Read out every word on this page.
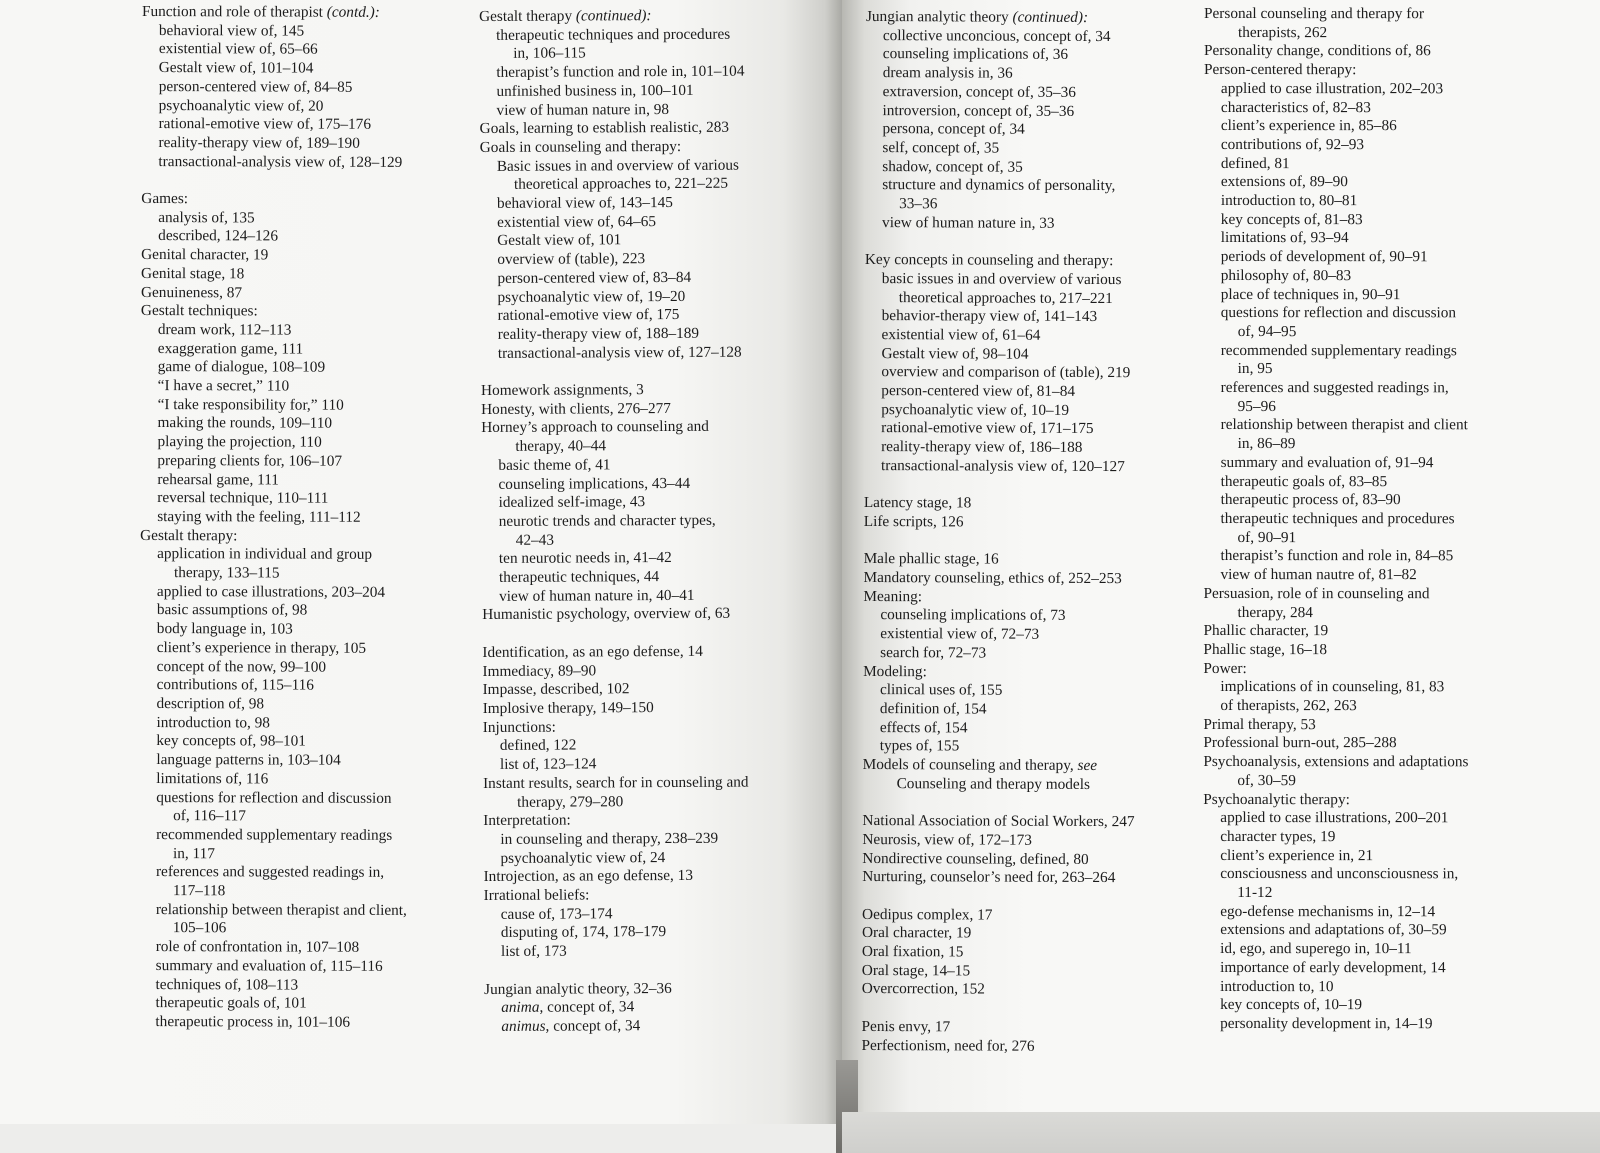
Function and role of therapist (contd.):
behavioral view of, 145
existential view of, 65–66
Gestalt view of, 101–104
person-centered view of, 84–85
psychoanalytic view of, 20
rational-emotive view of, 175–176
reality-therapy view of, 189–190
transactional-analysis view of, 128–129
Games:
analysis of, 135
described, 124–126
Genital character, 19
Genital stage, 18
Genuineness, 87
Gestalt techniques:
dream work, 112–113
exaggeration game, 111
game of dialogue, 108–109
“I have a secret,” 110
“I take responsibility for,” 110
making the rounds, 109–110
playing the projection, 110
preparing clients for, 106–107
rehearsal game, 111
reversal technique, 110–111
staying with the feeling, 111–112
Gestalt therapy:
application in individual and group
therapy, 133–115
applied to case illustrations, 203–204
basic assumptions of, 98
body language in, 103
client’s experience in therapy, 105
concept of the now, 99–100
contributions of, 115–116
description of, 98
introduction to, 98
key concepts of, 98–101
language patterns in, 103–104
limitations of, 116
questions for reflection and discussion
of, 116–117
recommended supplementary readings
in, 117
references and suggested readings in,
117–118
relationship between therapist and client,
105–106
role of confrontation in, 107–108
summary and evaluation of, 115–116
techniques of, 108–113
therapeutic goals of, 101
therapeutic process in, 101–106
Gestalt therapy (continued):
therapeutic techniques and procedures
in, 106–115
therapist’s function and role in, 101–104
unfinished business in, 100–101
view of human nature in, 98
Goals, learning to establish realistic, 283
Goals in counseling and therapy:
Basic issues in and overview of various
theoretical approaches to, 221–225
behavioral view of, 143–145
existential view of, 64–65
Gestalt view of, 101
overview of (table), 223
person-centered view of, 83–84
psychoanalytic view of, 19–20
rational-emotive view of, 175
reality-therapy view of, 188–189
transactional-analysis view of, 127–128
Homework assignments, 3
Honesty, with clients, 276–277
Horney’s approach to counseling and
therapy, 40–44
basic theme of, 41
counseling implications, 43–44
idealized self-image, 43
neurotic trends and character types,
42–43
ten neurotic needs in, 41–42
therapeutic techniques, 44
view of human nature in, 40–41
Humanistic psychology, overview of, 63
Identification, as an ego defense, 14
Immediacy, 89–90
Impasse, described, 102
Implosive therapy, 149–150
Injunctions:
defined, 122
list of, 123–124
Instant results, search for in counseling and
therapy, 279–280
Interpretation:
in counseling and therapy, 238–239
psychoanalytic view of, 24
Introjection, as an ego defense, 13
Irrational beliefs:
cause of, 173–174
disputing of, 174, 178–179
list of, 173
Jungian analytic theory, 32–36
anima, concept of, 34
animus, concept of, 34
Jungian analytic theory (continued):
collective unconcious, concept of, 34
counseling implications of, 36
dream analysis in, 36
extraversion, concept of, 35–36
introversion, concept of, 35–36
persona, concept of, 34
self, concept of, 35
shadow, concept of, 35
structure and dynamics of personality,
33–36
view of human nature in, 33
Key concepts in counseling and therapy:
basic issues in and overview of various
theoretical approaches to, 217–221
behavior-therapy view of, 141–143
existential view of, 61–64
Gestalt view of, 98–104
overview and comparison of (table), 219
person-centered view of, 81–84
psychoanalytic view of, 10–19
rational-emotive view of, 171–175
reality-therapy view of, 186–188
transactional-analysis view of, 120–127
Latency stage, 18
Life scripts, 126
Male phallic stage, 16
Mandatory counseling, ethics of, 252–253
Meaning:
counseling implications of, 73
existential view of, 72–73
search for, 72–73
Modeling:
clinical uses of, 155
definition of, 154
effects of, 154
types of, 155
Models of counseling and therapy, see
Counseling and therapy models
National Association of Social Workers, 247
Neurosis, view of, 172–173
Nondirective counseling, defined, 80
Nurturing, counselor’s need for, 263–264
Oedipus complex, 17
Oral character, 19
Oral fixation, 15
Oral stage, 14–15
Overcorrection, 152
Penis envy, 17
Perfectionism, need for, 276
Personal counseling and therapy for
therapists, 262
Personality change, conditions of, 86
Person-centered therapy:
applied to case illustration, 202–203
characteristics of, 82–83
client’s experience in, 85–86
contributions of, 92–93
defined, 81
extensions of, 89–90
introduction to, 80–81
key concepts of, 81–83
limitations of, 93–94
periods of development of, 90–91
philosophy of, 80–83
place of techniques in, 90–91
questions for reflection and discussion
of, 94–95
recommended supplementary readings
in, 95
references and suggested readings in,
95–96
relationship between therapist and client
in, 86–89
summary and evaluation of, 91–94
therapeutic goals of, 83–85
therapeutic process of, 83–90
therapeutic techniques and procedures
of, 90–91
therapist’s function and role in, 84–85
view of human nautre of, 81–82
Persuasion, role of in counseling and
therapy, 284
Phallic character, 19
Phallic stage, 16–18
Power:
implications of in counseling, 81, 83
of therapists, 262, 263
Primal therapy, 53
Professional burn-out, 285–288
Psychoanalysis, extensions and adaptations
of, 30–59
Psychoanalytic therapy:
applied to case illustrations, 200–201
character types, 19
client’s experience in, 21
consciousness and unconsciousness in,
11-12
ego-defense mechanisms in, 12–14
extensions and adaptations of, 30–59
id, ego, and superego in, 10–11
importance of early development, 14
introduction to, 10
key concepts of, 10–19
personality development in, 14–19
